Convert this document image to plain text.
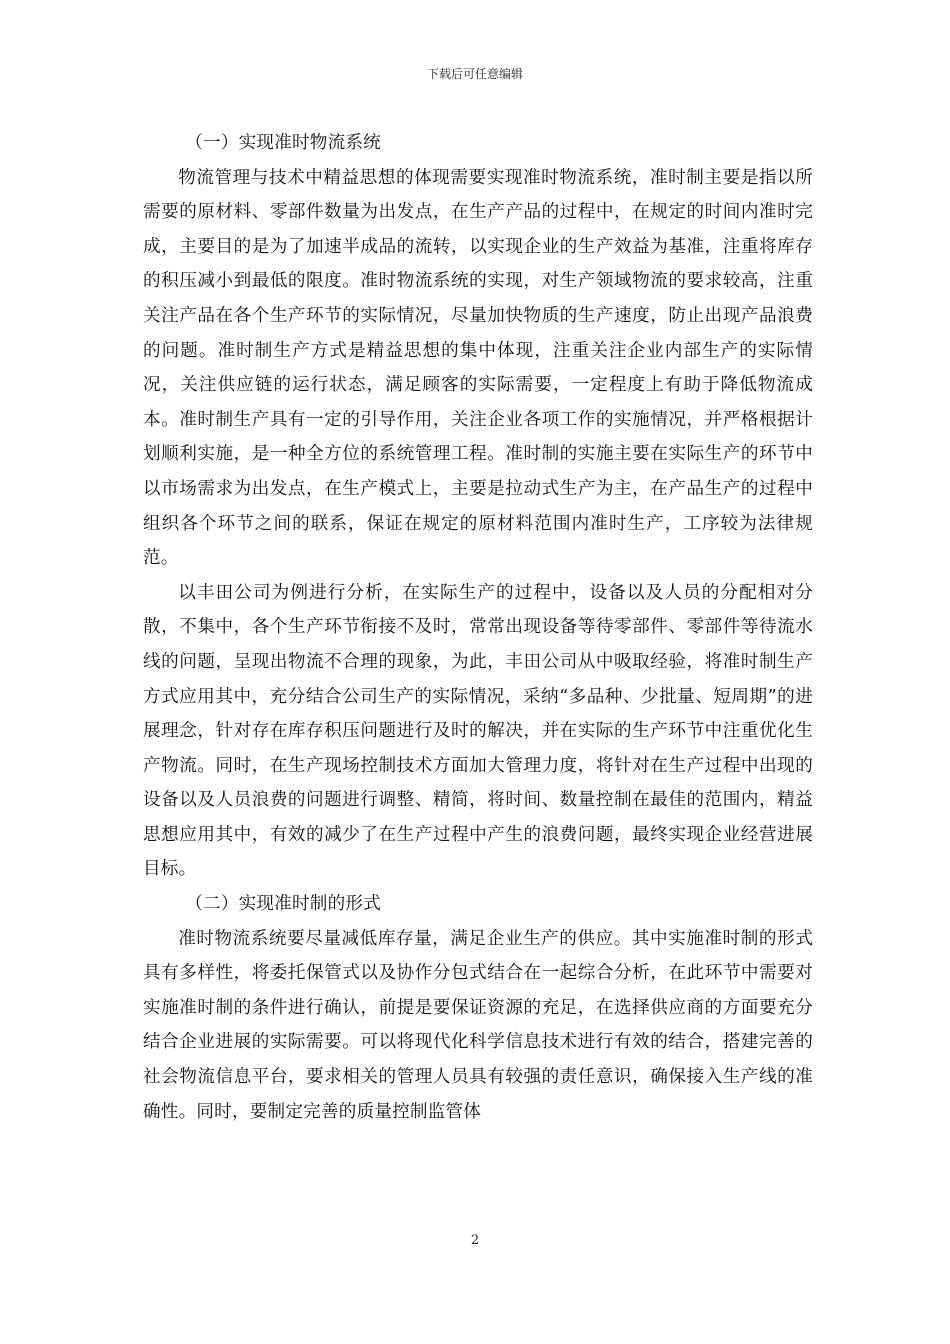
下载后可任意编辑

（一）实现准时物流系统

物流管理与技术中精益思想的体现需要实现准时物流系统，准时制主要是指以所需要的原材料、零部件数量为出发点，在生产产品的过程中，在规定的时间内准时完成，主要目的是为了加速半成品的流转，以实现企业的生产效益为基准，注重将库存的积压减小到最低的限度。准时物流系统的实现，对生产领域物流的要求较高，注重关注产品在各个生产环节的实际情况，尽量加快物质的生产速度，防止出现产品浪费的问题。准时制生产方式是精益思想的集中体现，注重关注企业内部生产的实际情况，关注供应链的运行状态，满足顾客的实际需要，一定程度上有助于降低物流成本。准时制生产具有一定的引导作用，关注企业各项工作的实施情况，并严格根据计划顺利实施，是一种全方位的系统管理工程。准时制的实施主要在实际生产的环节中以市场需求为出发点，在生产模式上，主要是拉动式生产为主，在产品生产的过程中组织各个环节之间的联系，保证在规定的原材料范围内准时生产，工序较为法律规范。

以丰田公司为例进行分析，在实际生产的过程中，设备以及人员的分配相对分散，不集中，各个生产环节衔接不及时，常常出现设备等待零部件、零部件等待流水线的问题，呈现出物流不合理的现象，为此，丰田公司从中吸取经验，将准时制生产方式应用其中，充分结合公司生产的实际情况，采纳“多品种、少批量、短周期”的进展理念，针对存在库存积压问题进行及时的解决，并在实际的生产环节中注重优化生产物流。同时，在生产现场控制技术方面加大管理力度，将针对在生产过程中出现的设备以及人员浪费的问题进行调整、精简，将时间、数量控制在最佳的范围内，精益思想应用其中，有效的减少了在生产过程中产生的浪费问题，最终实现企业经营进展目标。

（二）实现准时制的形式

准时物流系统要尽量减低库存量，满足企业生产的供应。其中实施准时制的形式具有多样性，将委托保管式以及协作分包式结合在一起综合分析，在此环节中需要对实施准时制的条件进行确认，前提是要保证资源的充足，在选择供应商的方面要充分结合企业进展的实际需要。可以将现代化科学信息技术进行有效的结合，搭建完善的社会物流信息平台，要求相关的管理人员具有较强的责任意识，确保接入生产线的准确性。同时，要制定完善的质量控制监管体

2
